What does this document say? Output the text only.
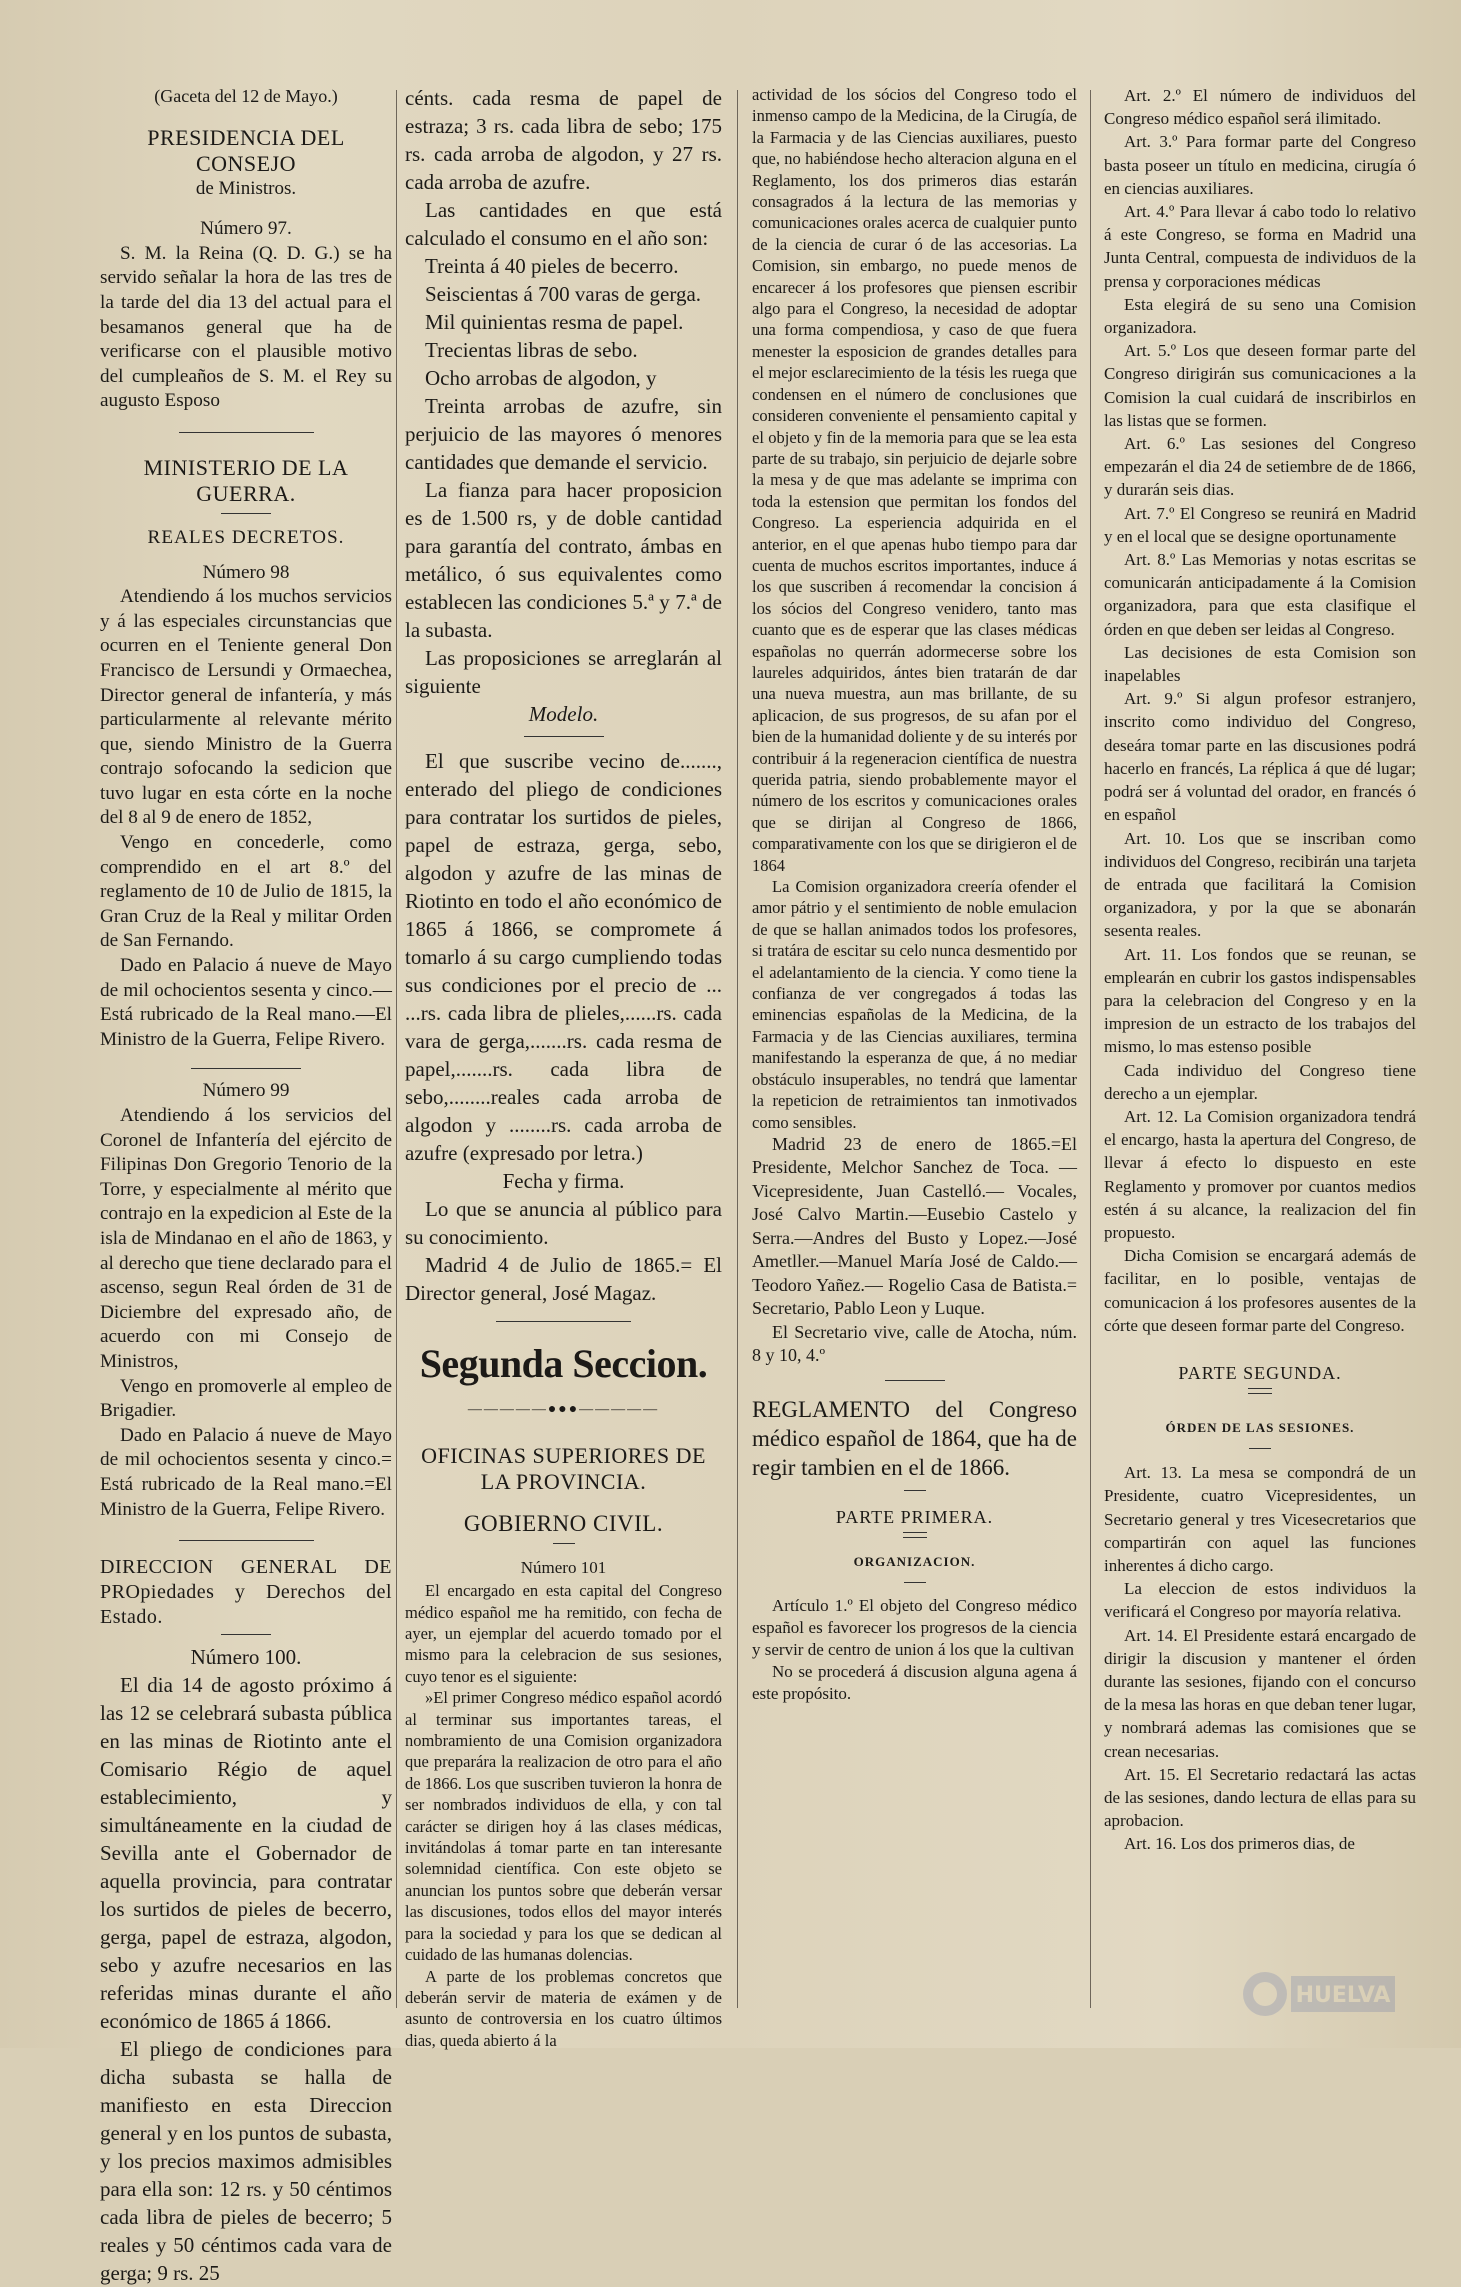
(Gaceta del 12 de Mayo.)

PRESIDENCIA DEL CONSEJO

de Ministros.

Número 97.

S. M. la Reina (Q. D. G.) se ha servido señalar la hora de las tres de la tarde del dia 13 del actual para el besamanos general que ha de verificarse con el plausible motivo del cumpleaños de S. M. el Rey su augusto Esposo

MINISTERIO DE LA GUERRA.

REALES DECRETOS.

Número 98

Atendiendo á los muchos servicios y á las especiales circunstancias que ocurren en el Teniente general Don Francisco de Lersundi y Ormaechea, Director general de infantería, y más particularmente al relevante mérito que, siendo Ministro de la Guerra contrajo sofocando la sedicion que tuvo lugar en esta córte en la noche del 8 al 9 de enero de 1852,

Vengo en concederle, como comprendido en el art 8.º del reglamento de 10 de Julio de 1815, la Gran Cruz de la Real y militar Orden de San Fernando.

Dado en Palacio á nueve de Mayo de mil ochocientos sesenta y cinco.— Está rubricado de la Real mano.—El Ministro de la Guerra, Felipe Rivero.

Número 99

Atendiendo á los servicios del Coronel de Infantería del ejército de Filipinas Don Gregorio Tenorio de la Torre, y especialmente al mérito que contrajo en la expedicion al Este de la isla de Mindanao en el año de 1863, y al derecho que tiene declarado para el ascenso, segun Real órden de 31 de Diciembre del expresado año, de acuerdo con mi Consejo de Ministros,

Vengo en promoverle al empleo de Brigadier.

Dado en Palacio á nueve de Mayo de mil ochocientos sesenta y cinco.= Está rubricado de la Real mano.=El Ministro de la Guerra, Felipe Rivero.

DIRECCION GENERAL DE PROpiedades y Derechos del Estado.

Número 100.

El dia 14 de agosto próximo á las 12 se celebrará subasta pública en las minas de Riotinto ante el Comisario Régio de aquel establecimiento, y simultáneamente en la ciudad de Sevilla ante el Gobernador de aquella provincia, para contratar los surtidos de pieles de becerro, gerga, papel de estraza, algodon, sebo y azufre necesarios en las referidas minas durante el año económico de 1865 á 1866.

El pliego de condiciones para dicha subasta se halla de manifiesto en esta Direccion general y en los puntos de subasta, y los precios maximos admisibles para ella son: 12 rs. y 50 céntimos cada libra de pieles de becerro; 5 reales y 50 céntimos cada vara de gerga; 9 rs. 25

cénts. cada resma de papel de estraza; 3 rs. cada libra de sebo; 175 rs. cada arroba de algodon, y 27 rs. cada arroba de azufre.

Las cantidades en que está calculado el consumo en el año son:

Treinta á 40 pieles de becerro.

Seiscientas á 700 varas de gerga.

Mil quinientas resma de papel.

Trecientas libras de sebo.

Ocho arrobas de algodon, y

Treinta arrobas de azufre, sin perjuicio de las mayores ó menores cantidades que demande el servicio.

La fianza para hacer proposicion es de 1.500 rs, y de doble cantidad para garantía del contrato, ámbas en metálico, ó sus equivalentes como establecen las condiciones 5.ª y 7.ª de la subasta.

Las proposiciones se arreglarán al siguiente

Modelo.

El que suscribe vecino de......., enterado del pliego de condiciones para contratar los surtidos de pieles, papel de estraza, gerga, sebo, algodon y azufre de las minas de Riotinto en todo el año económico de 1865 á 1866, se compromete á tomarlo á su cargo cumpliendo todas sus condiciones por el precio de ... ...rs. cada libra de plieles,......rs. cada vara de gerga,.......rs. cada resma de papel,.......rs. cada libra de sebo,........reales cada arroba de algodon y ........rs. cada arroba de azufre (expresado por letra.)

Fecha y firma.

Lo que se anuncia al público para su conocimiento.

Madrid 4 de Julio de 1865.= El Director general, José Magaz.

Segunda Seccion.
—————●●●—————

OFICINAS SUPERIORES DE LA PROVINCIA.

GOBIERNO CIVIL.

Número 101

El encargado en esta capital del Congreso médico español me ha remitido, con fecha de ayer, un ejemplar del acuerdo tomado por el mismo para la celebracion de sus sesiones, cuyo tenor es el siguiente:

»El primer Congreso médico español acordó al terminar sus importantes tareas, el nombramiento de una Comision organizadora que preparára la realizacion de otro para el año de 1866. Los que suscriben tuvieron la honra de ser nombrados individuos de ella, y con tal carácter se dirigen hoy á las clases médicas, invitándolas á tomar parte en tan interesante solemnidad científica. Con este objeto se anuncian los puntos sobre que deberán versar las discusiones, todos ellos del mayor interés para la sociedad y para los que se dedican al cuidado de las humanas dolencias.

A parte de los problemas concretos que deberán servir de materia de exámen y de asunto de controversia en los cuatro últimos dias, queda abierto á la

actividad de los sócios del Congreso todo el inmenso campo de la Medicina, de la Cirugía, de la Farmacia y de las Ciencias auxiliares, puesto que, no habiéndose hecho alteracion alguna en el Reglamento, los dos primeros dias estarán consagrados á la lectura de las memorias y comunicaciones orales acerca de cualquier punto de la ciencia de curar ó de las accesorias. La Comision, sin embargo, no puede menos de encarecer á los profesores que piensen escribir algo para el Congreso, la necesidad de adoptar una forma compendiosa, y caso de que fuera menester la esposicion de grandes detalles para el mejor esclarecimiento de la tésis les ruega que condensen en el número de conclusiones que consideren conveniente el pensamiento capital y el objeto y fin de la memoria para que se lea esta parte de su trabajo, sin perjuicio de dejarle sobre la mesa y de que mas adelante se imprima con toda la estension que permitan los fondos del Congreso. La esperiencia adquirida en el anterior, en el que apenas hubo tiempo para dar cuenta de muchos escritos importantes, induce á los que suscriben á recomendar la concision á los sócios del Congreso venidero, tanto mas cuanto que es de esperar que las clases médicas españolas no querrán adormecerse sobre los laureles adquiridos, ántes bien tratarán de dar una nueva muestra, aun mas brillante, de su aplicacion, de sus progresos, de su afan por el bien de la humanidad doliente y de su interés por contribuir á la regeneracion científica de nuestra querida patria, siendo probablemente mayor el número de los escritos y comunicaciones orales que se dirijan al Congreso de 1866, comparativamente con los que se dirigieron el de 1864

La Comision organizadora creería ofender el amor pátrio y el sentimiento de noble emulacion de que se hallan animados todos los profesores, si tratára de escitar su celo nunca desmentido por el adelantamiento de la ciencia. Y como tiene la confianza de ver congregados á todas las eminencias españolas de la Medicina, de la Farmacia y de las Ciencias auxiliares, termina manifestando la esperanza de que, á no mediar obstáculo insuperables, no tendrá que lamentar la repeticion de retraimientos tan inmotivados como sensibles.

Madrid 23 de enero de 1865.=El Presidente, Melchor Sanchez de Toca. —Vicepresidente, Juan Castelló.— Vocales, José Calvo Martin.—Eusebio Castelo y Serra.—Andres del Busto y Lopez.—José Ametller.—Manuel María José de Caldo.—Teodoro Yañez.— Rogelio Casa de Batista.= Secretario, Pablo Leon y Luque.

El Secretario vive, calle de Atocha, núm. 8 y 10, 4.º

REGLAMENTO del Congreso médico español de 1864, que ha de regir tambien en el de 1866.

PARTE PRIMERA.

ORGANIZACION.

Artículo 1.º El objeto del Congreso médico español es favorecer los progresos de la ciencia y servir de centro de union á los que la cultivan

No se procederá á discusion alguna agena á este propósito.

Art. 2.º El número de individuos del Congreso médico español será ilimitado.

Art. 3.º Para formar parte del Congreso basta poseer un título en medicina, cirugía ó en ciencias auxiliares.

Art. 4.º Para llevar á cabo todo lo relativo á este Congreso, se forma en Madrid una Junta Central, compuesta de individuos de la prensa y corporaciones médicas

Esta elegirá de su seno una Comision organizadora.

Art. 5.º Los que deseen formar parte del Congreso dirigirán sus comunicaciones a la Comision la cual cuidará de inscribirlos en las listas que se formen.

Art. 6.º Las sesiones del Congreso empezarán el dia 24 de setiembre de de 1866, y durarán seis dias.

Art. 7.º El Congreso se reunirá en Madrid y en el local que se designe oportunamente

Art. 8.º Las Memorias y notas escritas se comunicarán anticipadamente á la Comision organizadora, para que esta clasifique el órden en que deben ser leidas al Congreso.

Las decisiones de esta Comision son inapelables

Art. 9.º Si algun profesor estranjero, inscrito como individuo del Congreso, deseára tomar parte en las discusiones podrá hacerlo en francés, La réplica á que dé lugar; podrá ser á voluntad del orador, en francés ó en español

Art. 10. Los que se inscriban como individuos del Congreso, recibirán una tarjeta de entrada que facilitará la Comision organizadora, y por la que se abonarán sesenta reales.

Art. 11. Los fondos que se reunan, se emplearán en cubrir los gastos indispensables para la celebracion del Congreso y en la impresion de un estracto de los trabajos del mismo, lo mas estenso posible

Cada individuo del Congreso tiene derecho a un ejemplar.

Art. 12. La Comision organizadora tendrá el encargo, hasta la apertura del Congreso, de llevar á efecto lo dispuesto en este Reglamento y promover por cuantos medios estén á su alcance, la realizacion del fin propuesto.

Dicha Comision se encargará además de facilitar, en lo posible, ventajas de comunicacion á los profesores ausentes de la córte que deseen formar parte del Congreso.

PARTE SEGUNDA.

ÓRDEN DE LAS SESIONES.

Art. 13. La mesa se compondrá de un Presidente, cuatro Vicepresidentes, un Secretario general y tres Vicesecretarios que compartirán con aquel las funciones inherentes á dicho cargo.

La eleccion de estos individuos la verificará el Congreso por mayoría relativa.

Art. 14. El Presidente estará encargado de dirigir la discusion y mantener el órden durante las sesiones, fijando con el concurso de la mesa las horas en que deban tener lugar, y nombrará ademas las comisiones que se crean necesarias.

Art. 15. El Secretario redactará las actas de las sesiones, dando lectura de ellas para su aprobacion.

Art. 16. Los dos primeros dias, de

HUELVA
